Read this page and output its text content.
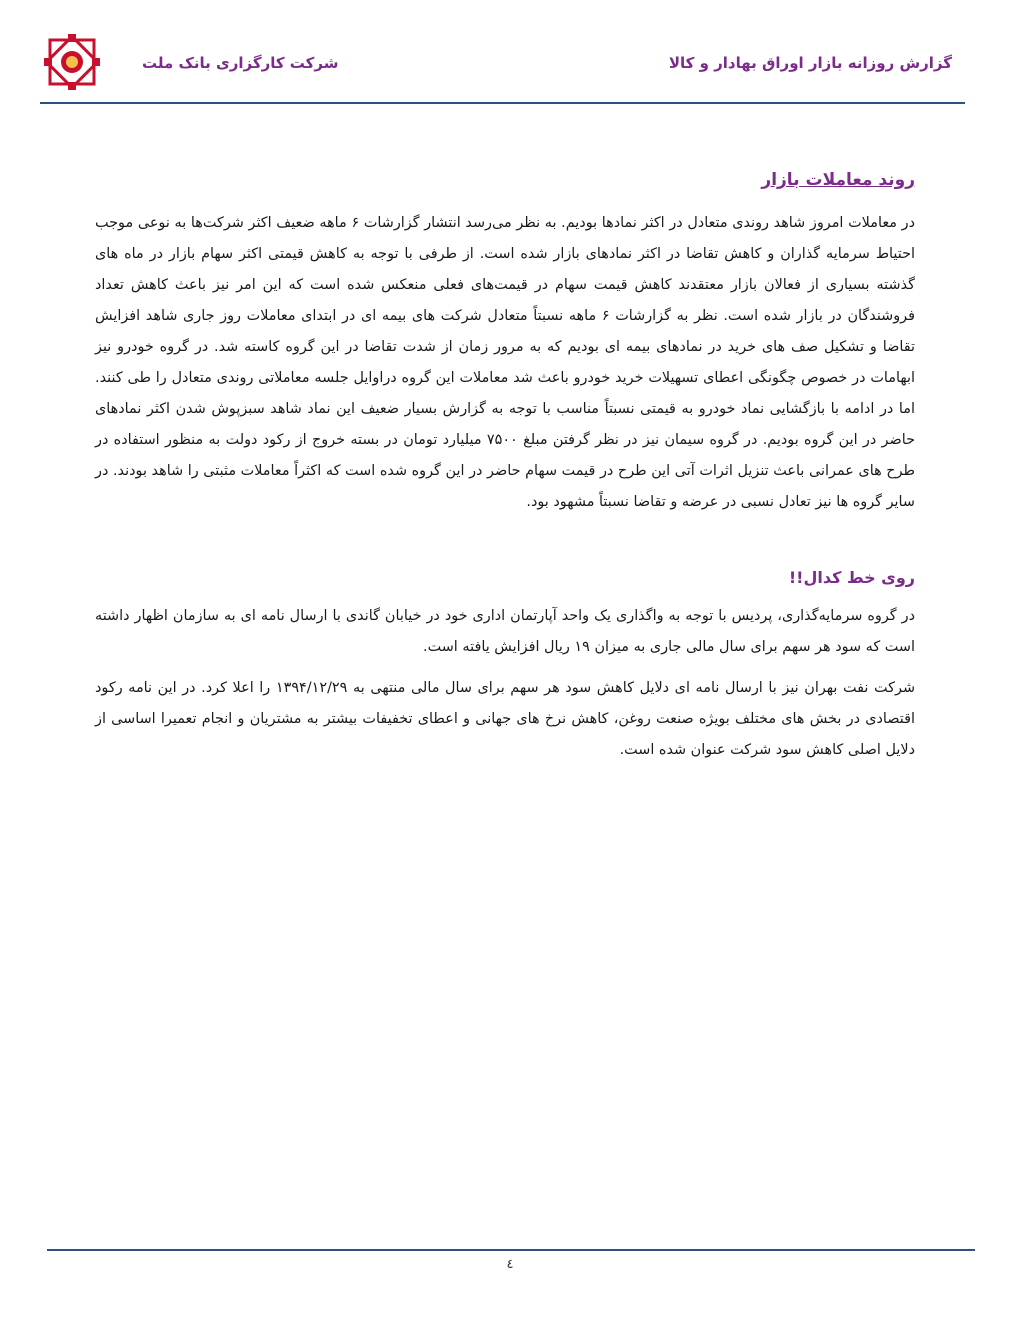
گزارش روزانه بازار اوراق بهادار و کالا
شرکت کارگزاری بانک ملت
روند معاملات بازار

در معاملات امروز شاهد روندی متعادل در اکثر نمادها بودیم. به نظر می‌رسد انتشار گزارشات ۶ ماهه ضعیف اکثر شرکت‌ها به نوعی موجب احتیاط سرمایه گذاران و کاهش تقاضا در اکثر نمادهای بازار شده است. از طرفی با توجه به کاهش قیمتی اکثر سهام بازار در ماه های گذشته بسیاری از فعالان بازار معتقدند کاهش قیمت سهام در قیمت‌های فعلی منعکس شده است که این امر نیز باعث کاهش تعداد فروشندگان در بازار شده است. نظر به گزارشات ۶ ماهه نسبتاً متعادل شرکت های بیمه ای در ابتدای معاملات روز جاری شاهد افزایش تقاضا و تشکیل صف های خرید در نمادهای بیمه ای بودیم که به مرور زمان از شدت تقاضا در این گروه کاسته شد. در گروه خودرو نیز ابهامات در خصوص چگونگی اعطای تسهیلات خرید خودرو باعث شد معاملات این گروه دراوایل جلسه معاملاتی روندی متعادل را طی کنند. اما در ادامه با بازگشایی نماد خودرو به قیمتی نسبتاً مناسب با توجه به گزارش بسیار ضعیف این نماد شاهد سبزپوش شدن اکثر نمادهای حاضر در این گروه بودیم. در گروه سیمان نیز در نظر گرفتن مبلغ ۷۵۰۰ میلیارد تومان در بسته خروج از رکود دولت به منظور استفاده در طرح های عمرانی باعث تنزیل اثرات آتی این طرح در قیمت سهام حاضر در این گروه شده است که اکثراً معاملات مثبتی را شاهد بودند. در سایر گروه ها نیز تعادل نسبی در عرضه و تقاضا نسبتاً مشهود بود.

روی خط کدال!!

در گروه سرمایه‌گذاری، پردیس با توجه به واگذاری یک واحد آپارتمان اداری خود در خیابان گاندی با ارسال نامه ای به سازمان اظهار داشته است که سود هر سهم برای سال مالی جاری به میزان ۱۹ ریال افزایش یافته است.

شرکت نفت بهران نیز با ارسال نامه ای دلایل کاهش سود هر سهم برای سال مالی منتهی به ۱۳۹۴/۱۲/۲۹ را اعلا کرد. در این نامه رکود اقتصادی در بخش های مختلف بویژه صنعت روغن، کاهش نرخ های جهانی و اعطای تخفیفات بیشتر به مشتریان و انجام تعمیرا اساسی از دلایل اصلی کاهش سود شرکت عنوان شده است.

٤
